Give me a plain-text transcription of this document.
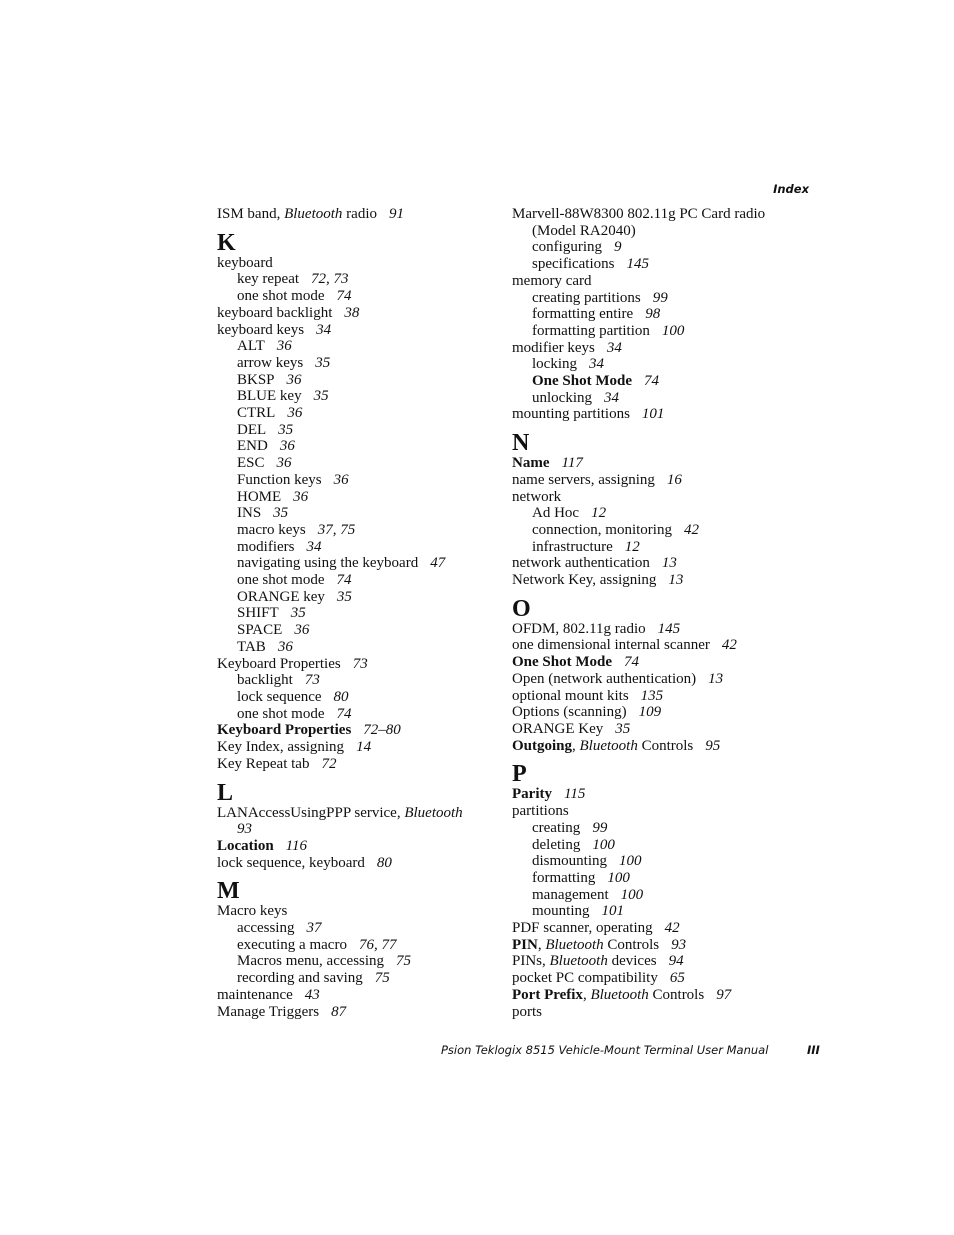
Index
ISM band, Bluetooth radio 91
K
keyboard
key repeat 72, 73
one shot mode 74
keyboard backlight 38
keyboard keys 34
ALT 36
arrow keys 35
BKSP 36
BLUE key 35
CTRL 36
DEL 35
END 36
ESC 36
Function keys 36
HOME 36
INS 35
macro keys 37, 75
modifiers 34
navigating using the keyboard 47
one shot mode 74
ORANGE key 35
SHIFT 35
SPACE 36
TAB 36
Keyboard Properties 73
backlight 73
lock sequence 80
one shot mode 74
Keyboard Properties 72–80
Key Index, assigning 14
Key Repeat tab 72
L
LANAccessUsingPPP service, Bluetooth
93
Location 116
lock sequence, keyboard 80
M
Macro keys
accessing 37
executing a macro 76, 77
Macros menu, accessing 75
recording and saving 75
maintenance 43
Manage Triggers 87
Marvell-88W8300 802.11g PC Card radio
(Model RA2040)
configuring 9
specifications 145
memory card
creating partitions 99
formatting entire 98
formatting partition 100
modifier keys 34
locking 34
One Shot Mode 74
unlocking 34
mounting partitions 101
N
Name 117
name servers, assigning 16
network
Ad Hoc 12
connection, monitoring 42
infrastructure 12
network authentication 13
Network Key, assigning 13
O
OFDM, 802.11g radio 145
one dimensional internal scanner 42
One Shot Mode 74
Open (network authentication) 13
optional mount kits 135
Options (scanning) 109
ORANGE Key 35
Outgoing, Bluetooth Controls 95
P
Parity 115
partitions
creating 99
deleting 100
dismounting 100
formatting 100
management 100
mounting 101
PDF scanner, operating 42
PIN, Bluetooth Controls 93
PINs, Bluetooth devices 94
pocket PC compatibility 65
Port Prefix, Bluetooth Controls 97
ports
Psion Teklogix 8515 Vehicle-Mount Terminal User Manual	III
